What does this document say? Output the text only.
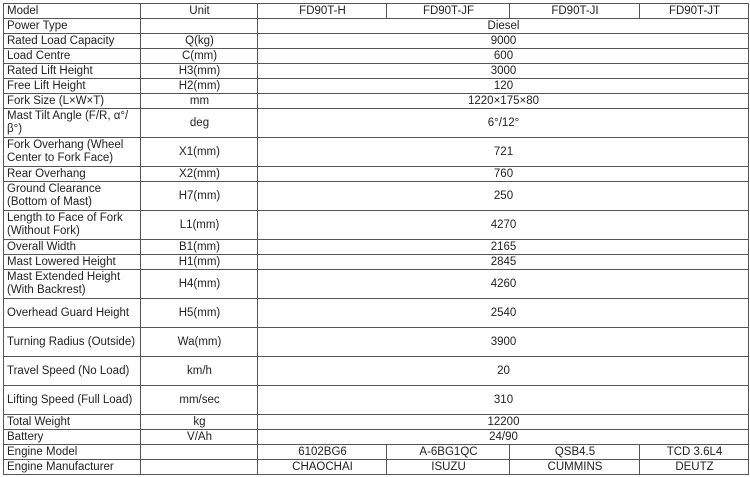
Model	Unit	FD90T-H	FD90T-JF	FD90T-JI	FD90T-JT
Power Type		Diesel			
Rated Load Capacity	Q(kg)	9000			
Load Centre	C(mm)	600			
Rated Lift Height	H3(mm)	3000			
Free Lift Height	H2(mm)	120			
Fork Size (L×W×T)	mm	1220×175×80			
Mast Tilt Angle (F/R, α°/β°)	deg	6°/12°			
Fork Overhang (Wheel Center to Fork Face)	X1(mm)	721			
Rear Overhang	X2(mm)	760			
Ground Clearance (Bottom of Mast)	H7(mm)	250			
Length to Face of Fork (Without Fork)	L1(mm)	4270			
Overall Width	B1(mm)	2165			
Mast Lowered Height	H1(mm)	2845			
Mast Extended Height (With Backrest)	H4(mm)	4260			
Overhead Guard Height	H5(mm)	2540			
Turning Radius (Outside)	Wa(mm)	3900			
Travel Speed (No Load)	km/h	20			
Lifting Speed (Full Load)	mm/sec	310			
Total Weight	kg	12200			
Battery	V/Ah	24/90			
Engine Model		6102BG6	A-6BG1QC	QSB4.5	TCD 3.6L4
Engine Manufacturer		CHAOCHAI	ISUZU	CUMMINS	DEUTZ
